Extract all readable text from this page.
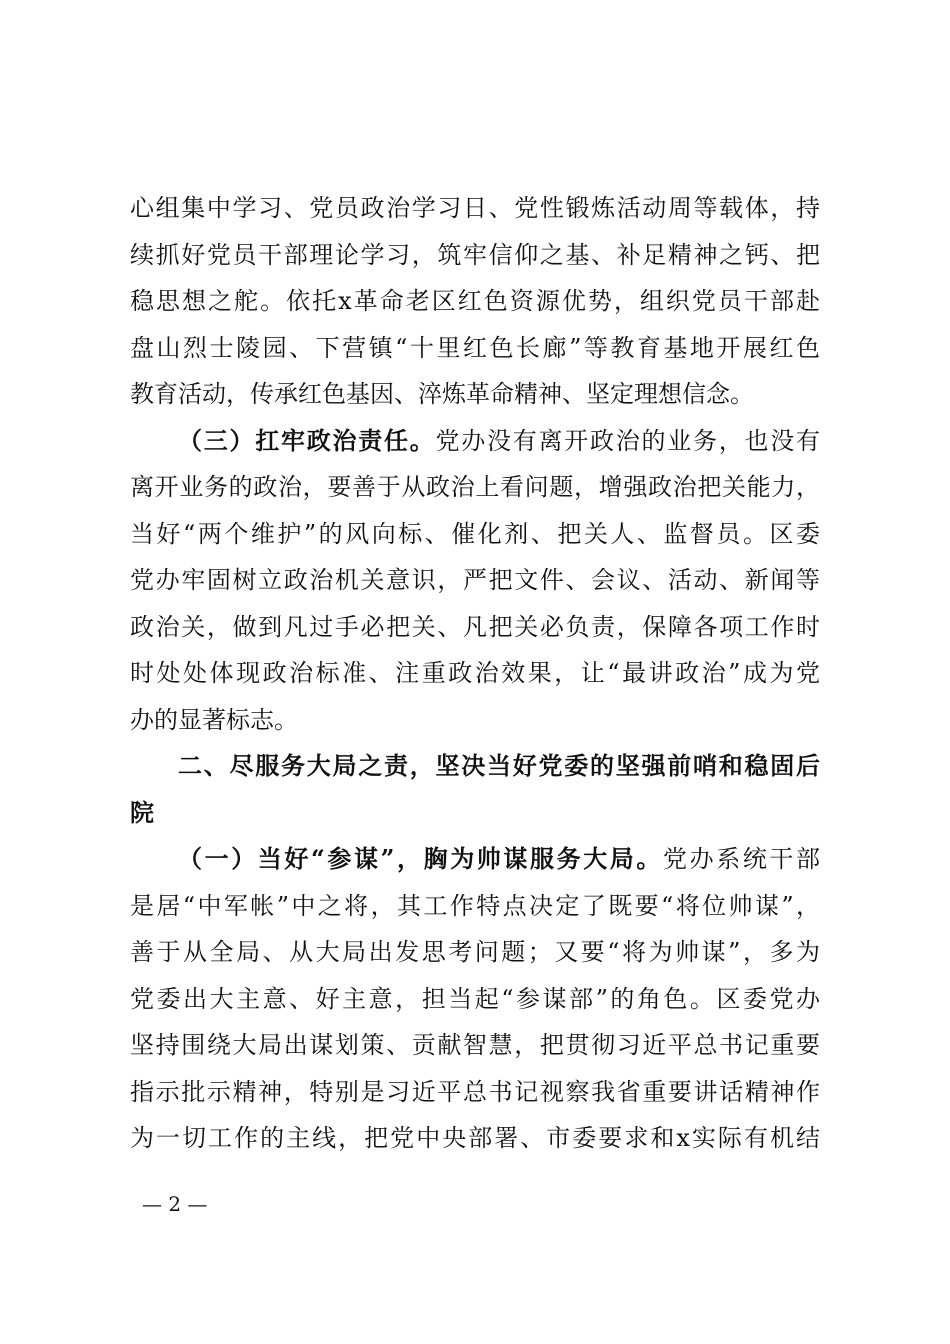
心组集中学习、党员政治学习日、党性锻炼活动周等载体，持
续抓好党员干部理论学习，筑牢信仰之基、补足精神之钙、把
稳思想之舵。依托x革命老区红色资源优势，组织党员干部赴
盘山烈士陵园、下营镇“十里红色长廊”等教育基地开展红色
教育活动，传承红色基因、淬炼革命精神、坚定理想信念。
（三）扛牢政治责任。党办没有离开政治的业务，也没有
离开业务的政治，要善于从政治上看问题，增强政治把关能力，
当好“两个维护”的风向标、催化剂、把关人、监督员。区委
党办牢固树立政治机关意识，严把文件、会议、活动、新闻等
政治关，做到凡过手必把关、凡把关必负责，保障各项工作时
时处处体现政治标准、注重政治效果，让“最讲政治”成为党
办的显著标志。
二、尽服务大局之责，坚决当好党委的坚强前哨和稳固后
院
（一）当好“参谋”，胸为帅谋服务大局。党办系统干部
是居“中军帐”中之将，其工作特点决定了既要“将位帅谋”，
善于从全局、从大局出发思考问题；又要“将为帅谋”，多为
党委出大主意、好主意，担当起“参谋部”的角色。区委党办
坚持围绕大局出谋划策、贡献智慧，把贯彻习近平总书记重要
指示批示精神，特别是习近平总书记视察我省重要讲话精神作
为一切工作的主线，把党中央部署、市委要求和x实际有机结
— 2 —
